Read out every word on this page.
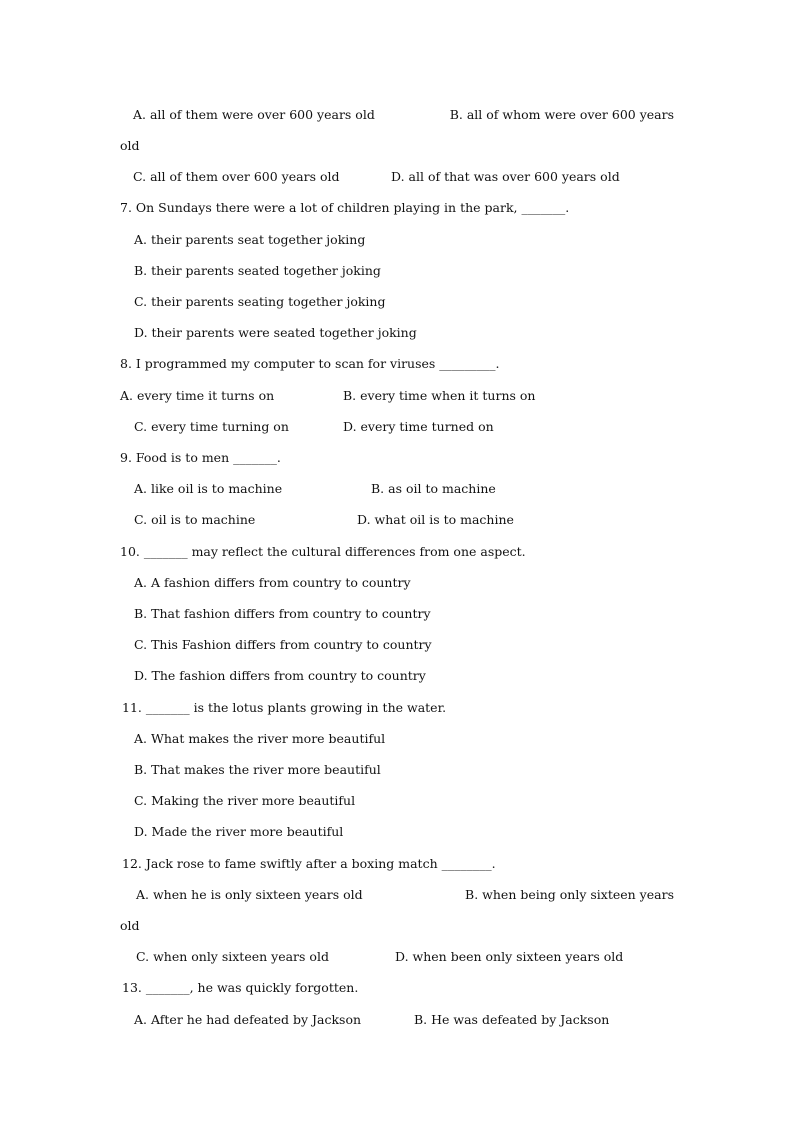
A. all of them were over 600 years old	B. all of whom were over 600 years
old
C. all of them over 600 years old	D. all of that was over 600 years old
7. On Sundays there were a lot of children playing in the park, _______.
A. their parents seat together joking
B. their parents seated together joking
C. their parents seating together joking
D. their parents were seated together joking
8. I programmed my computer to scan for viruses _________.
A. every time it turns on	B. every time when it turns on
C. every time turning on	D. every time turned on
9. Food is to men _______.
A. like oil is to machine	B. as oil to machine
C. oil is to machine	D. what oil is to machine
10. _______ may reflect the cultural differences from one aspect.
A. A fashion differs from country to country
B. That fashion differs from country to country
C. This Fashion differs from country to country
D. The fashion differs from country to country
11. _______ is the lotus plants growing in the water.
A. What makes the river more beautiful
B. That makes the river more beautiful
C. Making the river more beautiful
D. Made the river more beautiful
12. Jack rose to fame swiftly after a boxing match ________.
A. when he is only sixteen years old	B. when being only sixteen years
old
C. when only sixteen years old	D. when been only sixteen years old
13. _______, he was quickly forgotten.
A. After he had defeated by Jackson	B. He was defeated by Jackson
